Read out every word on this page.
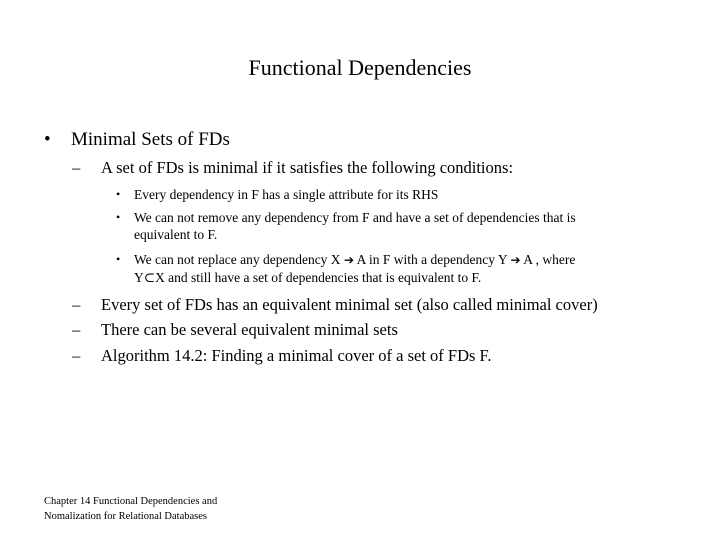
Functional Dependencies
• Minimal Sets of FDs
– A set of FDs is minimal if it satisfies the following conditions:
• Every dependency in F has a single attribute for its RHS
• We can not remove any dependency from F and have a set of dependencies that is
equivalent to F.
• We can not replace any dependency X ➔ A in F with a dependency Y ➔ A , where
Y⊂X and still have a set of dependencies that is equivalent to F.
– Every set of FDs has an equivalent minimal set (also called minimal cover)
– There can be several equivalent minimal sets
– Algorithm 14.2: Finding a minimal cover of a set of FDs F.
Chapter 14 Functional Dependencies and
Nomalization for Relational Databases
